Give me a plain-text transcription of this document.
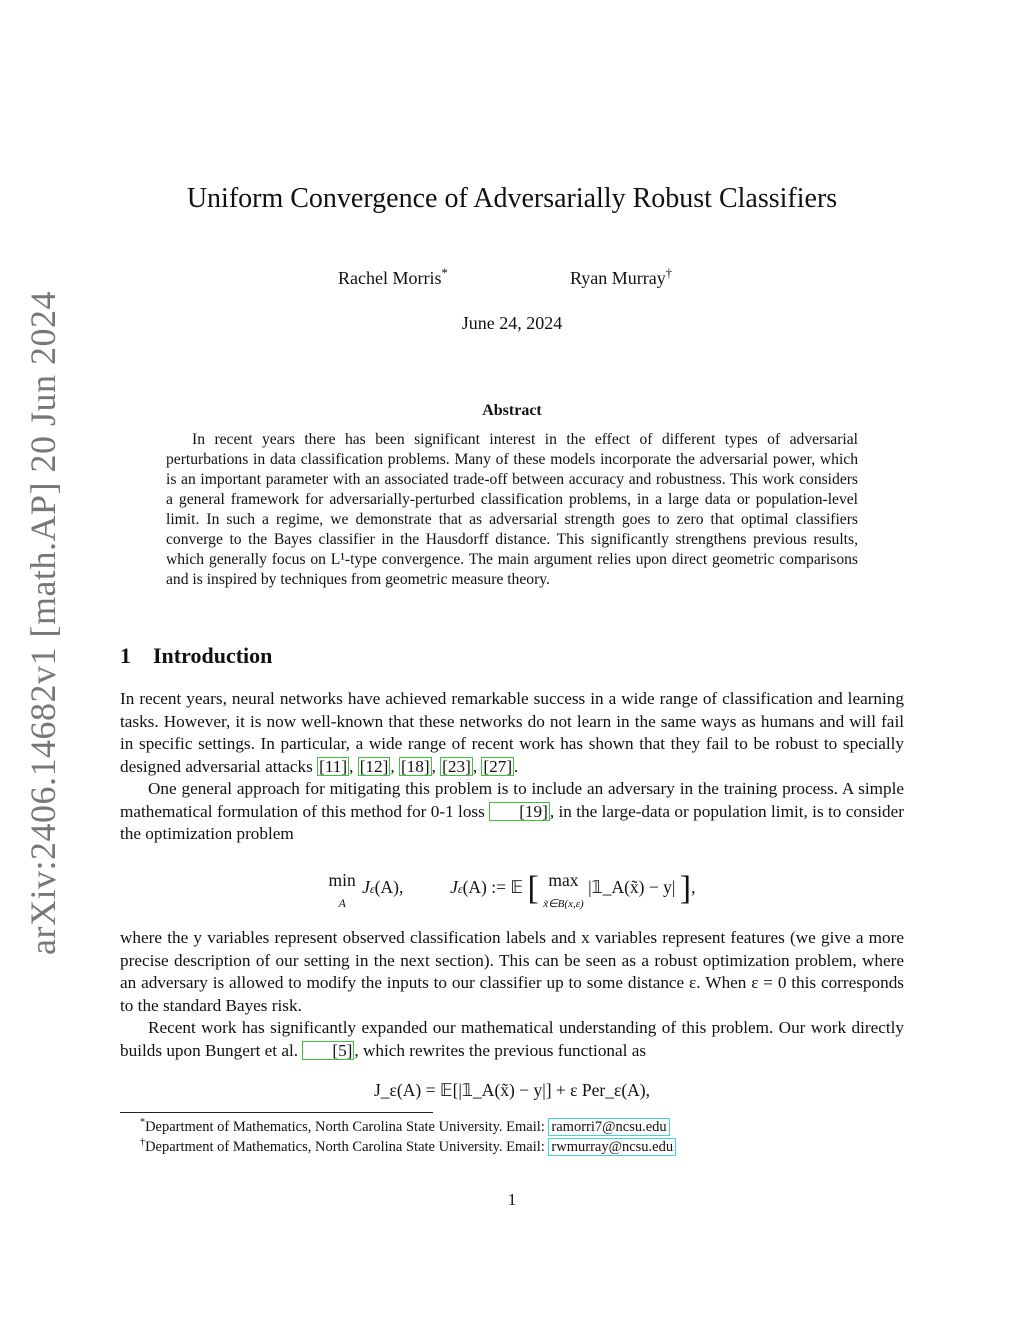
arXiv:2406.14682v1 [math.AP] 20 Jun 2024
Uniform Convergence of Adversarially Robust Classifiers
Rachel Morris*	Ryan Murray†
June 24, 2024
Abstract

In recent years there has been significant interest in the effect of different types of adversarial perturbations in data classification problems. Many of these models incorporate the adversarial power, which is an important parameter with an associated trade-off between accuracy and robustness. This work considers a general framework for adversarially-perturbed classification problems, in a large data or population-level limit. In such a regime, we demonstrate that as adversarial strength goes to zero that optimal classifiers converge to the Bayes classifier in the Hausdorff distance. This significantly strengthens previous results, which generally focus on L¹-type convergence. The main argument relies upon direct geometric comparisons and is inspired by techniques from geometric measure theory.

1 Introduction

In recent years, neural networks have achieved remarkable success in a wide range of classification and learning tasks. However, it is now well-known that these networks do not learn in the same ways as humans and will fail in specific settings. In particular, a wide range of recent work has shown that they fail to be robust to specially designed adversarial attacks [11] , [12] , [18] , [23] , [27] .

One general approach for mitigating this problem is to include an adversary in the training process. A simple mathematical formulation of this method for 0-1 loss [19] , in the large-data or population limit, is to consider the optimization problem

min
A Jε(A),	Jε(A) := 𝔼 [ max
x̃∈B(x,ε) |𝟙_A(x̃) − y| ],

where the y variables represent observed classification labels and x variables represent features (we give a more precise description of our setting in the next section). This can be seen as a robust optimization problem, where an adversary is allowed to modify the inputs to our classifier up to some distance ε. When ε = 0 this corresponds to the standard Bayes risk.

Recent work has significantly expanded our mathematical understanding of this problem. Our work directly builds upon Bungert et al. [5] , which rewrites the previous functional as

J_ε(A) = 𝔼[|𝟙_A(x̃) − y|] + ε Per_ε(A),
*Department of Mathematics, North Carolina State University. Email: ramorri7@ncsu.edu
†Department of Mathematics, North Carolina State University. Email: rwmurray@ncsu.edu
1
